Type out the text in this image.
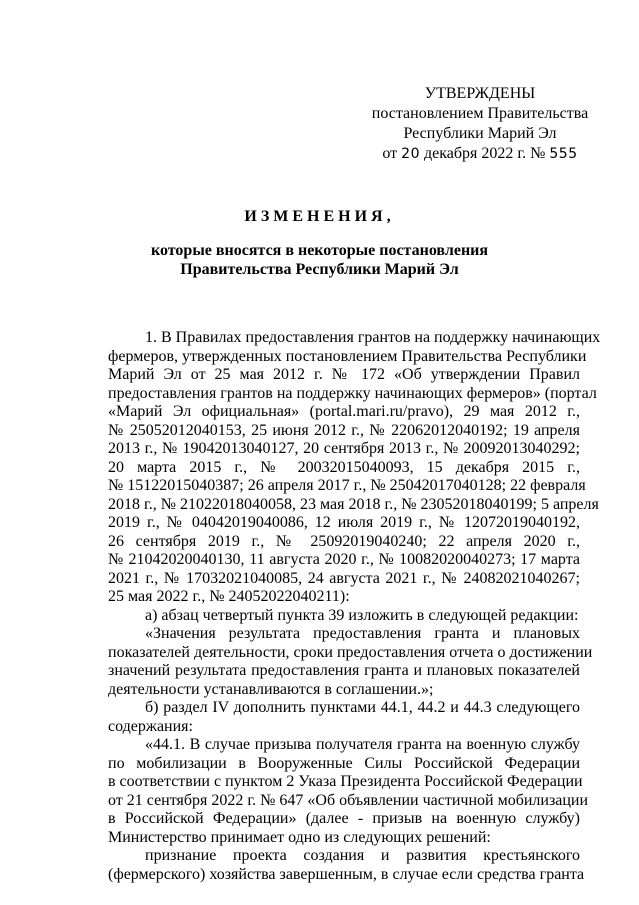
УТВЕРЖДЕНЫ
постановлением Правительства
Республики Марий Эл
от 20 декабря 2022 г. № 555
ИЗМЕНЕНИЯ,
которые вносятся в некоторые постановления
Правительства Республики Марий Эл
1. В Правилах предоставления грантов на поддержку начинающих
фермеров, утвержденных постановлением Правительства Республики
Марий Эл от 25 мая 2012 г. № 172 «Об утверждении Правил
предоставления грантов на поддержку начинающих фермеров» (портал
«Марий Эл официальная» (portal.mari.ru/pravo), 29 мая 2012 г.,
№ 25052012040153, 25 июня 2012 г., № 22062012040192; 19 апреля
2013 г., № 19042013040127, 20 сентября 2013 г., № 20092013040292;
20 марта 2015 г., № 20032015040093, 15 декабря 2015 г.,
№ 15122015040387; 26 апреля 2017 г., № 25042017040128; 22 февраля
2018 г., № 21022018040058, 23 мая 2018 г., № 23052018040199; 5 апреля
2019 г., № 04042019040086, 12 июля 2019 г., № 12072019040192,
26 сентября 2019 г., № 25092019040240; 22 апреля 2020 г.,
№ 21042020040130, 11 августа 2020 г., № 10082020040273; 17 марта
2021 г., № 17032021040085, 24 августа 2021 г., № 24082021040267;
25 мая 2022 г., № 24052022040211):
а) абзац четвертый пункта 39 изложить в следующей редакции:
«Значения результата предоставления гранта и плановых
показателей деятельности, сроки предоставления отчета о достижении
значений результата предоставления гранта и плановых показателей
деятельности устанавливаются в соглашении.»;
б) раздел IV дополнить пунктами 44.1, 44.2 и 44.3 следующего
содержания:
«44.1. В случае призыва получателя гранта на военную службу
по мобилизации в Вооруженные Силы Российской Федерации
в соответствии с пунктом 2 Указа Президента Российской Федерации
от 21 сентября 2022 г. № 647 «Об объявлении частичной мобилизации
в Российской Федерации» (далее - призыв на военную службу)
Министерство принимает одно из следующих решений:
признание проекта создания и развития крестьянского
(фермерского) хозяйства завершенным, в случае если средства гранта
